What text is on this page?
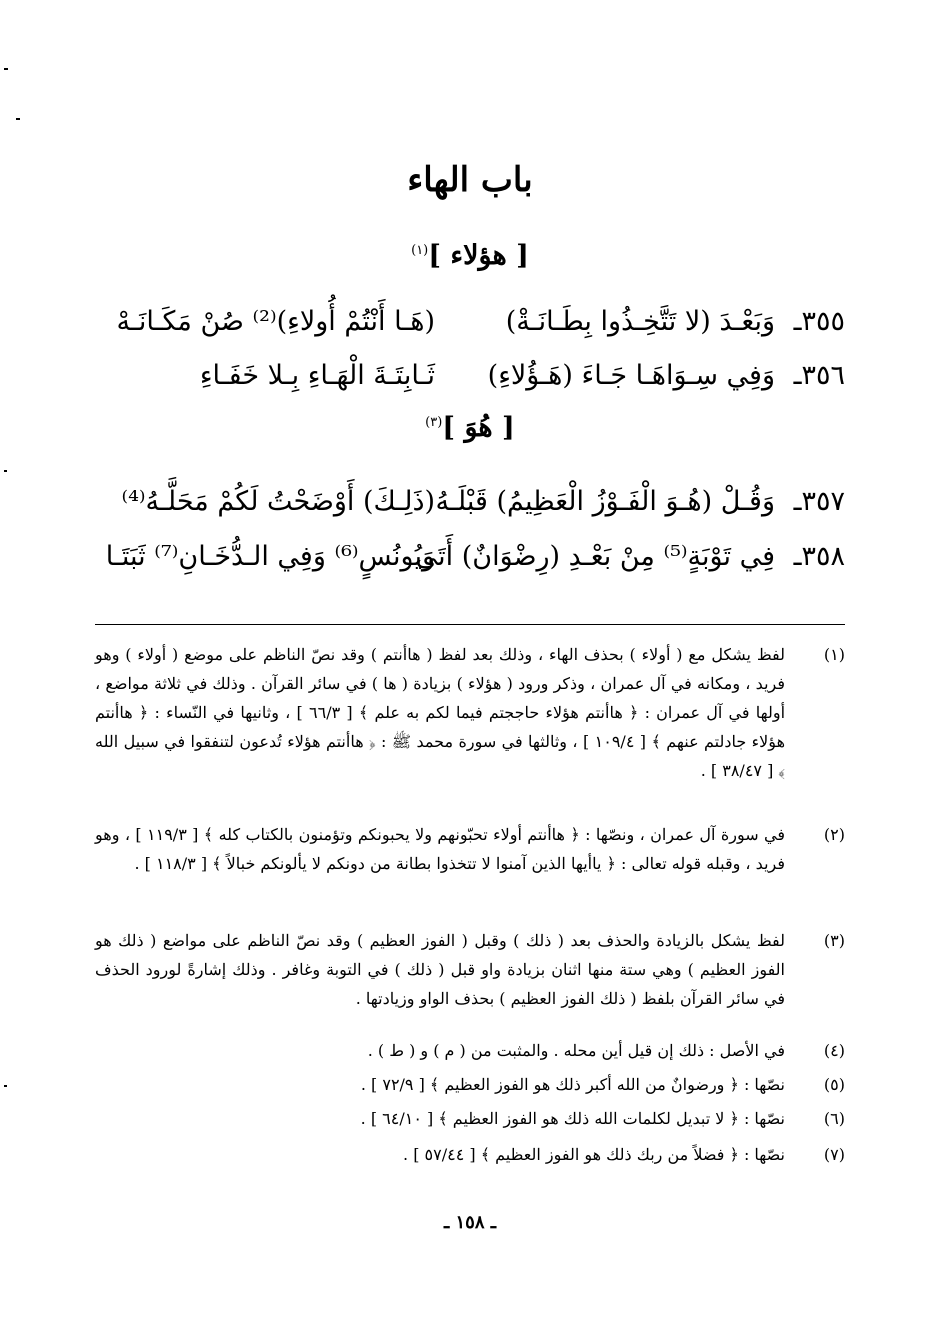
باب الهاء
[ هؤلاء ]$^{(١)}$
٣٥٥ـ
وَبَعْـدَ (لا تَتَّخِـذُوا بِطَـانَـةْ)
(هَـا أَنْتُمْ أُولاءِ)⁽²⁾ صُنْ مَكَـانَـهْ
٣٥٦ـ
وَفِي سِـوَاهَـا جَـاءَ (هَـؤُلاءِ)
ثَـابِتَـةَ الْهَـاءِ بِـلا خَفَـاءِ
[ هُوَ ]$^{(٣)}$
٣٥٧ـ
وَقُـلْ (هُـوَ الْفَـوْزُ الْعَظِيمُ) قَبْلَـهُ
(ذَلِـكَ) أَوْضَحْتُ لَكُمْ مَحَلَّـهُ⁽⁴⁾
٣٥٨ـ
فِي تَوْبَةٍ⁽⁵⁾ مِنْ بَعْـدِ (رِضْوَانٌ) أَتَى
وَيُونُسٍ⁽⁶⁾ وَفِي الـدُّخَـانِ⁽⁷⁾ ثَبَتَـا
(١)
لفظ يشكل مع ( أولاء ) بحذف الهاء ، وذلك بعد لفظ ( هاأنتم ) وقد نصّ الناظم على موضع ( أولاء ) وهو فريد ، ومكانه في آل عمران ، وذكر ورود ( هؤلاء ) بزيادة ( ها ) في سائر القرآن . وذلك في ثلاثة مواضع ، أولها في آل عمران : ﴿ هاأنتم هؤلاء حاججتم فيما لكم به علم ﴾ [ ٦٦/٣ ] ، وثانيها في النّساء : ﴿ هاأنتم هؤلاء جادلتم عنهم ﴾ [ ١٠٩/٤ ] ، وثالثها في سورة محمد ﷺ : ﴿ هاأنتم هؤلاء تُدعون لتنفقوا في سبيل الله ﴾ [ ٣٨/٤٧ ] .
(٢)
في سورة آل عمران ، ونصّها : ﴿ هاأنتم أولاء تحبّونهم ولا يحبونكم وتؤمنون بالكتاب كله ﴾ [ ١١٩/٣ ] ، وهو فريد ، وقبله قوله تعالى : ﴿ ياأيها الذين آمنوا لا تتخذوا بطانة من دونكم لا يألونكم خبالاً ﴾ [ ١١٨/٣ ] .
(٣)
لفظ يشكل بالزيادة والحذف بعد ( ذلك ) وقبل ( الفوز العظيم ) وقد نصّ الناظم على مواضع ( ذلك هو الفوز العظيم ) وهي ستة منها اثنان بزيادة واو قبل ( ذلك ) في التوبة وغافر . وذلك إشارةً لورود الحذف في سائر القرآن بلفظ ( ذلك الفوز العظيم ) بحذف الواو وزيادتها .
(٤)
في الأصل : ذلك إن قيل أين محله . والمثبت من ( م ) و ( ط ) .
(٥)
نصّها : ﴿ ورضوانٌ من الله أكبر ذلك هو الفوز العظيم ﴾ [ ٧٢/٩ ] .
(٦)
نصّها : ﴿ لا تبديل لكلمات الله ذلك هو الفوز العظيم ﴾ [ ٦٤/١٠ ] .
(٧)
نصّها : ﴿ فضلاً من ربك ذلك هو الفوز العظيم ﴾ [ ٥٧/٤٤ ] .
ـ ١٥٨ ـ
